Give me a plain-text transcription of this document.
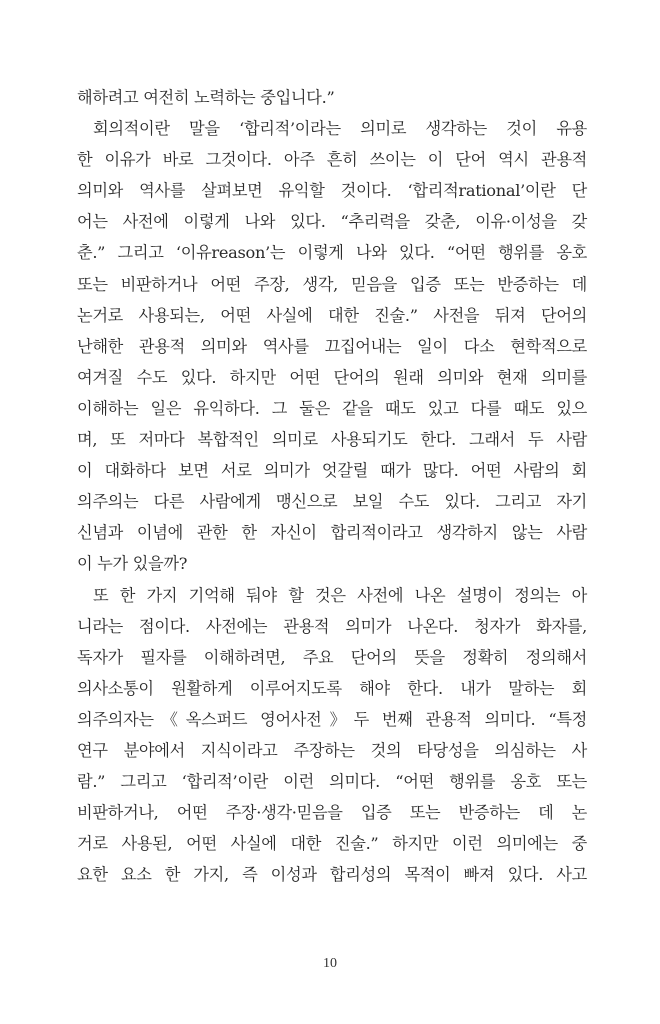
해하려고 여전히 노력하는 중입니다.”
회의적이란 말을 ‘합리적’이라는 의미로 생각하는 것이 유용
한 이유가 바로 그것이다. 아주 흔히 쓰이는 이 단어 역시 관용적
의미와 역사를 살펴보면 유익할 것이다. ‘합리적rational’이란 단
어는 사전에 이렇게 나와 있다. “추리력을 갖춘, 이유·이성을 갖
춘.” 그리고 ‘이유reason’는 이렇게 나와 있다. “어떤 행위를 옹호
또는 비판하거나 어떤 주장, 생각, 믿음을 입증 또는 반증하는 데
논거로 사용되는, 어떤 사실에 대한 진술.” 사전을 뒤져 단어의
난해한 관용적 의미와 역사를 끄집어내는 일이 다소 현학적으로
여겨질 수도 있다. 하지만 어떤 단어의 원래 의미와 현재 의미를
이해하는 일은 유익하다. 그 둘은 같을 때도 있고 다를 때도 있으
며, 또 저마다 복합적인 의미로 사용되기도 한다. 그래서 두 사람
이 대화하다 보면 서로 의미가 엇갈릴 때가 많다. 어떤 사람의 회
의주의는 다른 사람에게 맹신으로 보일 수도 있다. 그리고 자기
신념과 이념에 관한 한 자신이 합리적이라고 생각하지 않는 사람
이 누가 있을까?
또 한 가지 기억해 둬야 할 것은 사전에 나온 설명이 정의는 아
니라는 점이다. 사전에는 관용적 의미가 나온다. 청자가 화자를,
독자가 필자를 이해하려면, 주요 단어의 뜻을 정확히 정의해서
의사소통이 원활하게 이루어지도록 해야 한다. 내가 말하는 회
의주의자는《옥스퍼드 영어사전》두 번째 관용적 의미다. “특정
연구 분야에서 지식이라고 주장하는 것의 타당성을 의심하는 사
람.” 그리고 ‘합리적’이란 이런 의미다. “어떤 행위를 옹호 또는
비판하거나, 어떤 주장·생각·믿음을 입증 또는 반증하는 데 논
거로 사용된, 어떤 사실에 대한 진술.” 하지만 이런 의미에는 중
요한 요소 한 가지, 즉 이성과 합리성의 목적이 빠져 있다. 사고
10
